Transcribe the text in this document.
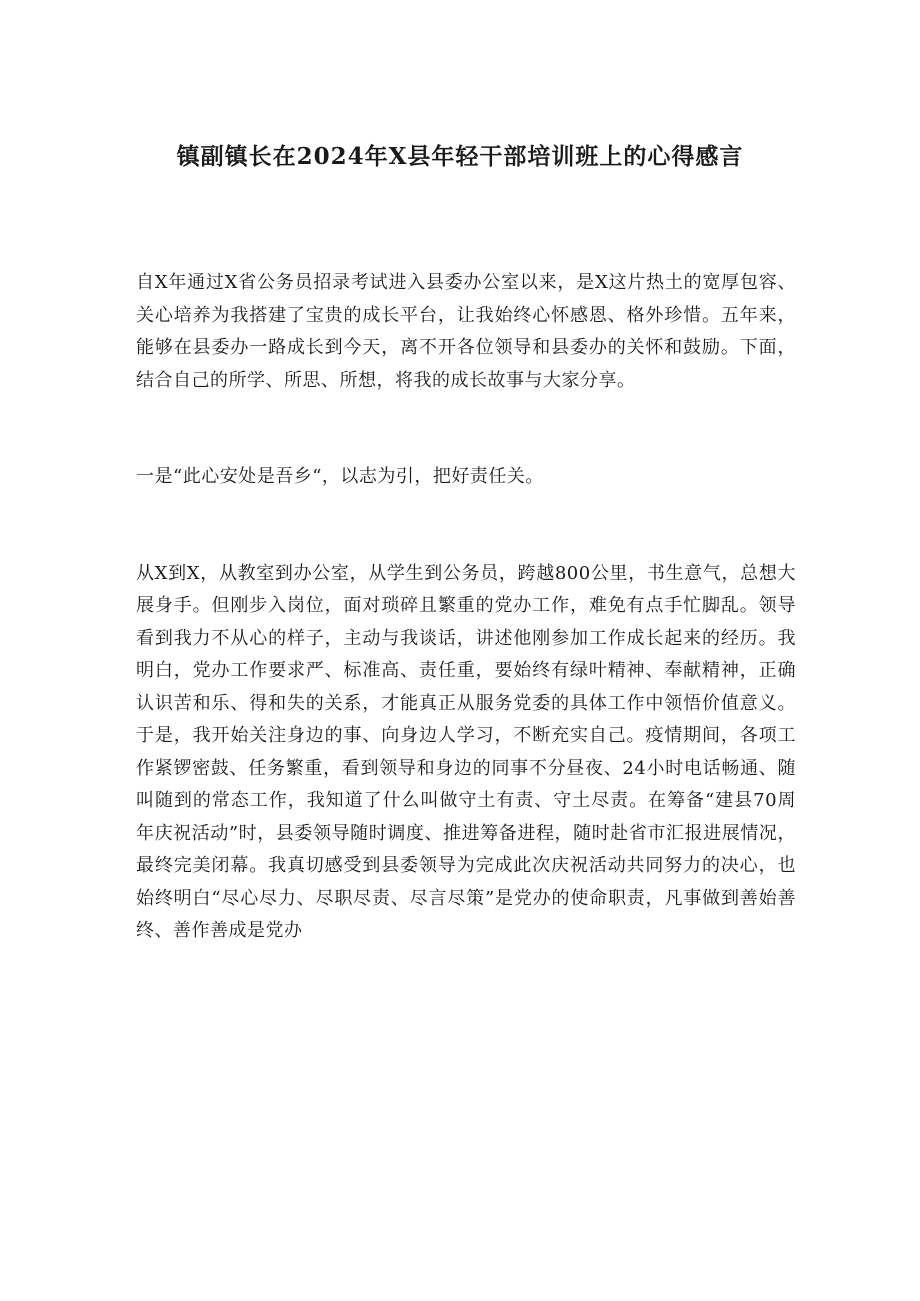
镇副镇长在2024年X县年轻干部培训班上的心得感言

自X年通过X省公务员招录考试进入县委办公室以来，是X这片热土的宽厚包容、关心培养为我搭建了宝贵的成长平台，让我始终心怀感恩、格外珍惜。五年来，能够在县委办一路成长到今天，离不开各位领导和县委办的关怀和鼓励。下面，结合自己的所学、所思、所想，将我的成长故事与大家分享。

一是“此心安处是吾乡“，以志为引，把好责任关。

从X到X，从教室到办公室，从学生到公务员，跨越800公里，书生意气，总想大展身手。但刚步入岗位，面对琐碎且繁重的党办工作，难免有点手忙脚乱。领导看到我力不从心的样子，主动与我谈话，讲述他刚参加工作成长起来的经历。我明白，党办工作要求严、标准高、责任重，要始终有绿叶精神、奉献精神，正确认识苦和乐、得和失的关系，才能真正从服务党委的具体工作中领悟价值意义。于是，我开始关注身边的事、向身边人学习，不断充实自己。疫情期间，各项工作紧锣密鼓、任务繁重，看到领导和身边的同事不分昼夜、24小时电话畅通、随叫随到的常态工作，我知道了什么叫做守土有责、守土尽责。在筹备“建县70周年庆祝活动”时，县委领导随时调度、推进筹备进程，随时赴省市汇报进展情况，最终完美闭幕。我真切感受到县委领导为完成此次庆祝活动共同努力的决心，也始终明白“尽心尽力、尽职尽责、尽言尽策”是党办的使命职责，凡事做到善始善终、善作善成是党办
